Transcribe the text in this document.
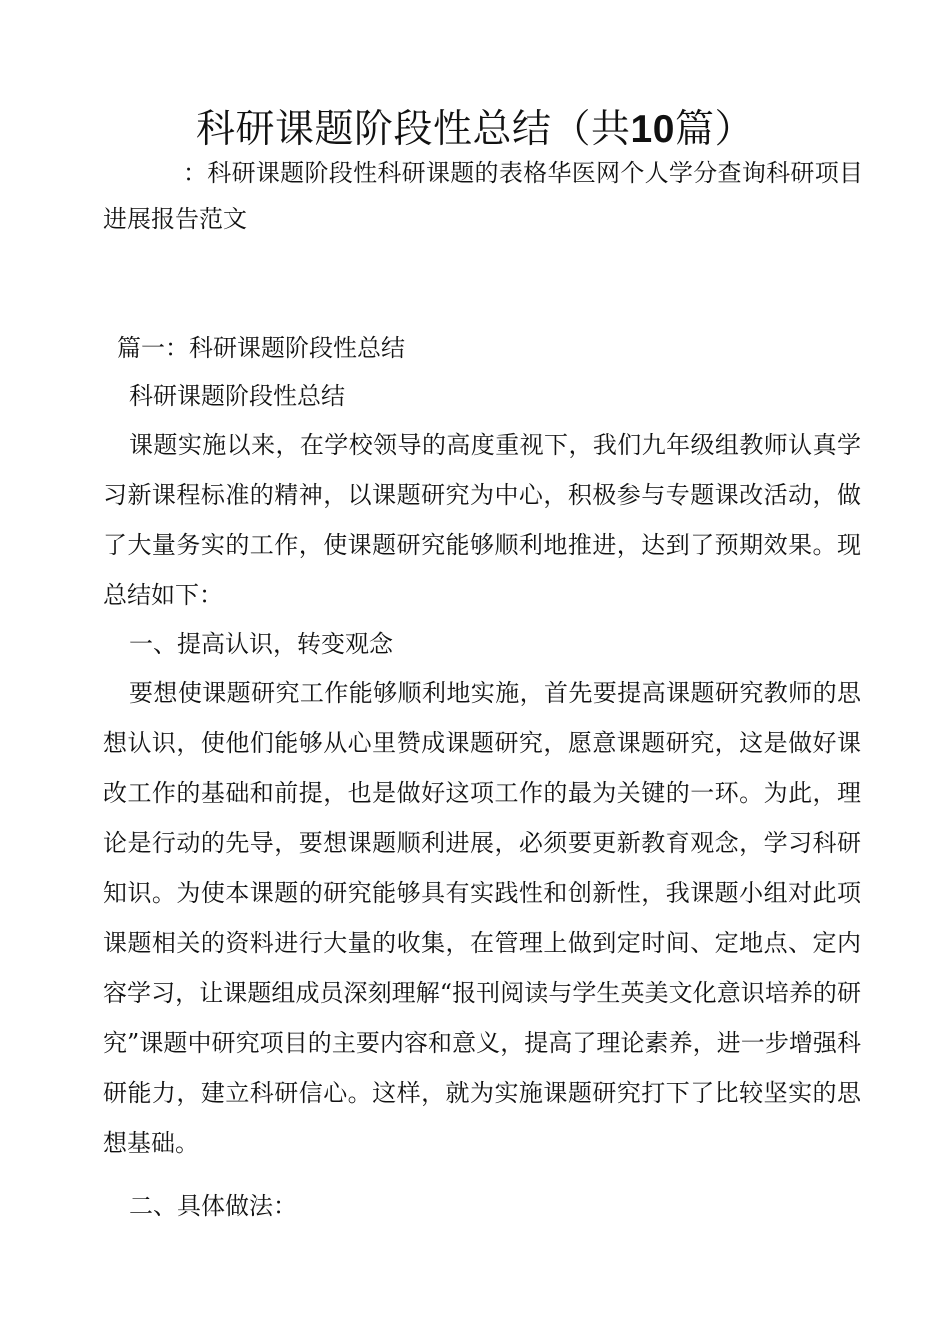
科研课题阶段性总结（共10篇）
：科研课题阶段性科研课题的表格华医网个人学分查询科研项目进展报告范文
篇一：科研课题阶段性总结
科研课题阶段性总结
课题实施以来，在学校领导的高度重视下，我们九年级组教师认真学习新课程标准的精神，以课题研究为中心，积极参与专题课改活动，做了大量务实的工作，使课题研究能够顺利地推进，达到了预期效果。现总结如下：
一、提高认识，转变观念
要想使课题研究工作能够顺利地实施，首先要提高课题研究教师的思想认识，使他们能够从心里赞成课题研究，愿意课题研究，这是做好课改工作的基础和前提，也是做好这项工作的最为关键的一环。为此，理论是行动的先导，要想课题顺利进展，必须要更新教育观念，学习科研知识。为使本课题的研究能够具有实践性和创新性，我课题小组对此项课题相关的资料进行大量的收集，在管理上做到定时间、定地点、定内容学习，让课题组成员深刻理解“报刊阅读与学生英美文化意识培养的研究”课题中研究项目的主要内容和意义，提高了理论素养，进一步增强科研能力，建立科研信心。这样，就为实施课题研究打下了比较坚实的思想基础。
二、具体做法：
